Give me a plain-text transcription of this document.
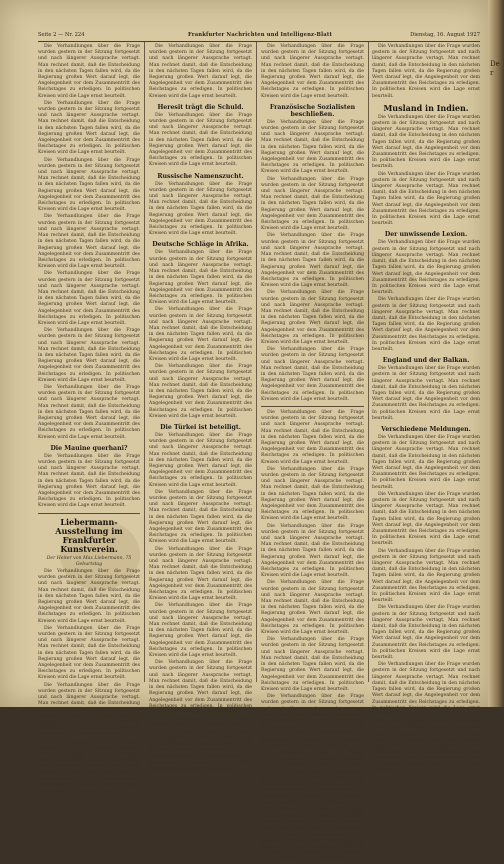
Seite 2 — Nr. 224	Frankfurter Nachrichten und Intelligenz-Blatt	Dienstag, 16. August 1927

Die Verhandlungen über die Frage wurden gestern in der Sitzung fortgesetzt und nach längerer Aussprache vertagt. Man rechnet damit, daß die Entscheidung in den nächsten Tagen fallen wird, da die Regierung großen Wert darauf legt, die Angelegenheit vor dem Zusammentritt des Reichstages zu erledigen. In politischen Kreisen wird die Lage ernst beurteilt.

Die Verhandlungen über die Frage wurden gestern in der Sitzung fortgesetzt und nach längerer Aussprache vertagt. Man rechnet damit, daß die Entscheidung in den nächsten Tagen fallen wird, da die Regierung großen Wert darauf legt, die Angelegenheit vor dem Zusammentritt des Reichstages zu erledigen. In politischen Kreisen wird die Lage ernst beurteilt.

Die Verhandlungen über die Frage wurden gestern in der Sitzung fortgesetzt und nach längerer Aussprache vertagt. Man rechnet damit, daß die Entscheidung in den nächsten Tagen fallen wird, da die Regierung großen Wert darauf legt, die Angelegenheit vor dem Zusammentritt des Reichstages zu erledigen. In politischen Kreisen wird die Lage ernst beurteilt.

Die Verhandlungen über die Frage wurden gestern in der Sitzung fortgesetzt und nach längerer Aussprache vertagt. Man rechnet damit, daß die Entscheidung in den nächsten Tagen fallen wird, da die Regierung großen Wert darauf legt, die Angelegenheit vor dem Zusammentritt des Reichstages zu erledigen. In politischen Kreisen wird die Lage ernst beurteilt.

Die Verhandlungen über die Frage wurden gestern in der Sitzung fortgesetzt und nach längerer Aussprache vertagt. Man rechnet damit, daß die Entscheidung in den nächsten Tagen fallen wird, da die Regierung großen Wert darauf legt, die Angelegenheit vor dem Zusammentritt des Reichstages zu erledigen. In politischen Kreisen wird die Lage ernst beurteilt.

Die Verhandlungen über die Frage wurden gestern in der Sitzung fortgesetzt und nach längerer Aussprache vertagt. Man rechnet damit, daß die Entscheidung in den nächsten Tagen fallen wird, da die Regierung großen Wert darauf legt, die Angelegenheit vor dem Zusammentritt des Reichstages zu erledigen. In politischen Kreisen wird die Lage ernst beurteilt.

Die Verhandlungen über die Frage wurden gestern in der Sitzung fortgesetzt und nach längerer Aussprache vertagt. Man rechnet damit, daß die Entscheidung in den nächsten Tagen fallen wird, da die Regierung großen Wert darauf legt, die Angelegenheit vor dem Zusammentritt des Reichstages zu erledigen. In politischen Kreisen wird die Lage ernst beurteilt.

Die Mauine querhani?

Die Verhandlungen über die Frage wurden gestern in der Sitzung fortgesetzt und nach längerer Aussprache vertagt. Man rechnet damit, daß die Entscheidung in den nächsten Tagen fallen wird, da die Regierung großen Wert darauf legt, die Angelegenheit vor dem Zusammentritt des Reichstages zu erledigen. In politischen Kreisen wird die Lage ernst beurteilt.

Liebermann-Ausstellung im Frankfurter Kunstverein.

Der Heiter von Max Liebermann, 75 Geburtstag

Die Verhandlungen über die Frage wurden gestern in der Sitzung fortgesetzt und nach längerer Aussprache vertagt. Man rechnet damit, daß die Entscheidung in den nächsten Tagen fallen wird, da die Regierung großen Wert darauf legt, die Angelegenheit vor dem Zusammentritt des Reichstages zu erledigen. In politischen Kreisen wird die Lage ernst beurteilt.

Die Verhandlungen über die Frage wurden gestern in der Sitzung fortgesetzt und nach längerer Aussprache vertagt. Man rechnet damit, daß die Entscheidung in den nächsten Tagen fallen wird, da die Regierung großen Wert darauf legt, die Angelegenheit vor dem Zusammentritt des Reichstages zu erledigen. In politischen Kreisen wird die Lage ernst beurteilt.

Die Verhandlungen über die Frage wurden gestern in der Sitzung fortgesetzt und nach längerer Aussprache vertagt. Man rechnet damit, daß die Entscheidung in den nächsten Tagen fallen wird, da die Regierung großen Wert darauf legt, die Angelegenheit vor dem Zusammentritt des Reichstages zu erledigen. In politischen Kreisen wird die Lage ernst beurteilt.

Die Verhandlungen über die Frage wurden gestern in der Sitzung fortgesetzt und nach längerer Aussprache vertagt. Man rechnet damit, daß die Entscheidung in den nächsten Tagen fallen wird, da die Regierung großen Wert darauf legt, die Angelegenheit vor dem Zusammentritt des Reichstages zu erledigen. In politischen Kreisen wird die Lage ernst beurteilt.

Die Verhandlungen über die Frage wurden gestern in der Sitzung fortgesetzt und nach längerer Aussprache vertagt. Man rechnet damit, daß die Entscheidung in den nächsten Tagen fallen wird, da die Regierung großen Wert darauf legt, die Angelegenheit vor dem Zusammentritt des Reichstages zu erledigen. In politischen Kreisen wird die Lage ernst beurteilt.

Heresit trägt die Schuld.

Die Verhandlungen über die Frage wurden gestern in der Sitzung fortgesetzt und nach längerer Aussprache vertagt. Man rechnet damit, daß die Entscheidung in den nächsten Tagen fallen wird, da die Regierung großen Wert darauf legt, die Angelegenheit vor dem Zusammentritt des Reichstages zu erledigen. In politischen Kreisen wird die Lage ernst beurteilt.

Russische Namenszucht.

Die Verhandlungen über die Frage wurden gestern in der Sitzung fortgesetzt und nach längerer Aussprache vertagt. Man rechnet damit, daß die Entscheidung in den nächsten Tagen fallen wird, da die Regierung großen Wert darauf legt, die Angelegenheit vor dem Zusammentritt des Reichstages zu erledigen. In politischen Kreisen wird die Lage ernst beurteilt.

Deutsche Schläge in Afrika.

Die Verhandlungen über die Frage wurden gestern in der Sitzung fortgesetzt und nach längerer Aussprache vertagt. Man rechnet damit, daß die Entscheidung in den nächsten Tagen fallen wird, da die Regierung großen Wert darauf legt, die Angelegenheit vor dem Zusammentritt des Reichstages zu erledigen. In politischen Kreisen wird die Lage ernst beurteilt.

Die Verhandlungen über die Frage wurden gestern in der Sitzung fortgesetzt und nach längerer Aussprache vertagt. Man rechnet damit, daß die Entscheidung in den nächsten Tagen fallen wird, da die Regierung großen Wert darauf legt, die Angelegenheit vor dem Zusammentritt des Reichstages zu erledigen. In politischen Kreisen wird die Lage ernst beurteilt.

Die Verhandlungen über die Frage wurden gestern in der Sitzung fortgesetzt und nach längerer Aussprache vertagt. Man rechnet damit, daß die Entscheidung in den nächsten Tagen fallen wird, da die Regierung großen Wert darauf legt, die Angelegenheit vor dem Zusammentritt des Reichstages zu erledigen. In politischen Kreisen wird die Lage ernst beurteilt.

Die Türkei ist beteiligt.

Die Verhandlungen über die Frage wurden gestern in der Sitzung fortgesetzt und nach längerer Aussprache vertagt. Man rechnet damit, daß die Entscheidung in den nächsten Tagen fallen wird, da die Regierung großen Wert darauf legt, die Angelegenheit vor dem Zusammentritt des Reichstages zu erledigen. In politischen Kreisen wird die Lage ernst beurteilt.

Die Verhandlungen über die Frage wurden gestern in der Sitzung fortgesetzt und nach längerer Aussprache vertagt. Man rechnet damit, daß die Entscheidung in den nächsten Tagen fallen wird, da die Regierung großen Wert darauf legt, die Angelegenheit vor dem Zusammentritt des Reichstages zu erledigen. In politischen Kreisen wird die Lage ernst beurteilt.

Die Verhandlungen über die Frage wurden gestern in der Sitzung fortgesetzt und nach längerer Aussprache vertagt. Man rechnet damit, daß die Entscheidung in den nächsten Tagen fallen wird, da die Regierung großen Wert darauf legt, die Angelegenheit vor dem Zusammentritt des Reichstages zu erledigen. In politischen Kreisen wird die Lage ernst beurteilt.

Die Verhandlungen über die Frage wurden gestern in der Sitzung fortgesetzt und nach längerer Aussprache vertagt. Man rechnet damit, daß die Entscheidung in den nächsten Tagen fallen wird, da die Regierung großen Wert darauf legt, die Angelegenheit vor dem Zusammentritt des Reichstages zu erledigen. In politischen Kreisen wird die Lage ernst beurteilt.

Die Verhandlungen über die Frage wurden gestern in der Sitzung fortgesetzt und nach längerer Aussprache vertagt. Man rechnet damit, daß die Entscheidung in den nächsten Tagen fallen wird, da die Regierung großen Wert darauf legt, die Angelegenheit vor dem Zusammentritt des Reichstages zu erledigen. In politischen Kreisen wird die Lage ernst beurteilt.

Die Verhandlungen über die Frage wurden gestern in der Sitzung fortgesetzt und nach längerer Aussprache vertagt. Man rechnet damit, daß die Entscheidung in den nächsten Tagen fallen wird, da die Regierung großen Wert darauf legt, die Angelegenheit vor dem Zusammentritt des Reichstages zu erledigen. In politischen Kreisen wird die Lage ernst beurteilt.

Die Verhandlungen über die Frage wurden gestern in der Sitzung fortgesetzt und nach längerer Aussprache vertagt. Man rechnet damit, daß die Entscheidung in den nächsten Tagen fallen wird, da die Regierung großen Wert darauf legt, die Angelegenheit vor dem Zusammentritt des Reichstages zu erledigen. In politischen Kreisen wird die Lage ernst beurteilt.

Französische Sozialisten beschließen.

Die Verhandlungen über die Frage wurden gestern in der Sitzung fortgesetzt und nach längerer Aussprache vertagt. Man rechnet damit, daß die Entscheidung in den nächsten Tagen fallen wird, da die Regierung großen Wert darauf legt, die Angelegenheit vor dem Zusammentritt des Reichstages zu erledigen. In politischen Kreisen wird die Lage ernst beurteilt.

Die Verhandlungen über die Frage wurden gestern in der Sitzung fortgesetzt und nach längerer Aussprache vertagt. Man rechnet damit, daß die Entscheidung in den nächsten Tagen fallen wird, da die Regierung großen Wert darauf legt, die Angelegenheit vor dem Zusammentritt des Reichstages zu erledigen. In politischen Kreisen wird die Lage ernst beurteilt.

Die Verhandlungen über die Frage wurden gestern in der Sitzung fortgesetzt und nach längerer Aussprache vertagt. Man rechnet damit, daß die Entscheidung in den nächsten Tagen fallen wird, da die Regierung großen Wert darauf legt, die Angelegenheit vor dem Zusammentritt des Reichstages zu erledigen. In politischen Kreisen wird die Lage ernst beurteilt.

Die Verhandlungen über die Frage wurden gestern in der Sitzung fortgesetzt und nach längerer Aussprache vertagt. Man rechnet damit, daß die Entscheidung in den nächsten Tagen fallen wird, da die Regierung großen Wert darauf legt, die Angelegenheit vor dem Zusammentritt des Reichstages zu erledigen. In politischen Kreisen wird die Lage ernst beurteilt.

Die Verhandlungen über die Frage wurden gestern in der Sitzung fortgesetzt und nach längerer Aussprache vertagt. Man rechnet damit, daß die Entscheidung in den nächsten Tagen fallen wird, da die Regierung großen Wert darauf legt, die Angelegenheit vor dem Zusammentritt des Reichstages zu erledigen. In politischen Kreisen wird die Lage ernst beurteilt.

Die Verhandlungen über die Frage wurden gestern in der Sitzung fortgesetzt und nach längerer Aussprache vertagt. Man rechnet damit, daß die Entscheidung in den nächsten Tagen fallen wird, da die Regierung großen Wert darauf legt, die Angelegenheit vor dem Zusammentritt des Reichstages zu erledigen. In politischen Kreisen wird die Lage ernst beurteilt.

Die Verhandlungen über die Frage wurden gestern in der Sitzung fortgesetzt und nach längerer Aussprache vertagt. Man rechnet damit, daß die Entscheidung in den nächsten Tagen fallen wird, da die Regierung großen Wert darauf legt, die Angelegenheit vor dem Zusammentritt des Reichstages zu erledigen. In politischen Kreisen wird die Lage ernst beurteilt.

Die Verhandlungen über die Frage wurden gestern in der Sitzung fortgesetzt und nach längerer Aussprache vertagt. Man rechnet damit, daß die Entscheidung in den nächsten Tagen fallen wird, da die Regierung großen Wert darauf legt, die Angelegenheit vor dem Zusammentritt des Reichstages zu erledigen. In politischen Kreisen wird die Lage ernst beurteilt.

Die Verhandlungen über die Frage wurden gestern in der Sitzung fortgesetzt und nach längerer Aussprache vertagt. Man rechnet damit, daß die Entscheidung in den nächsten Tagen fallen wird, da die Regierung großen Wert darauf legt, die Angelegenheit vor dem Zusammentritt des Reichstages zu erledigen. In politischen Kreisen wird die Lage ernst beurteilt.

Die Verhandlungen über die Frage wurden gestern in der Sitzung fortgesetzt und nach längerer Aussprache vertagt. Man rechnet damit, daß die Entscheidung in den nächsten Tagen fallen wird, da die Regierung großen Wert darauf legt, die Angelegenheit vor dem Zusammentritt des Reichstages zu erledigen. In politischen Kreisen wird die Lage ernst beurteilt.

Die Verhandlungen über die Frage wurden gestern in der Sitzung fortgesetzt und nach längerer Aussprache vertagt. Man rechnet damit, daß die Entscheidung in den nächsten Tagen fallen wird, da die Regierung großen Wert darauf legt, die Angelegenheit vor dem Zusammentritt des Reichstages zu erledigen. In politischen Kreisen wird die Lage ernst beurteilt.

Die Verhandlungen über die Frage wurden gestern in der Sitzung fortgesetzt und nach längerer Aussprache vertagt. Man rechnet damit, daß die Entscheidung in den nächsten Tagen fallen wird, da die Regierung großen Wert darauf legt, die Angelegenheit vor dem Zusammentritt des Reichstages zu erledigen. In politischen Kreisen wird die Lage ernst beurteilt.

Die Verhandlungen über die Frage wurden gestern in der Sitzung fortgesetzt und nach längerer Aussprache vertagt. Man rechnet damit, daß die Entscheidung in den nächsten Tagen fallen wird, da die Regierung großen Wert darauf legt, die Angelegenheit vor dem Zusammentritt des Reichstages zu erledigen. In politischen Kreisen wird die Lage ernst beurteilt.

Die Verhandlungen über die Frage wurden gestern in der Sitzung fortgesetzt und nach längerer Aussprache vertagt. Man rechnet damit, daß die Entscheidung in den nächsten Tagen fallen wird, da die Regierung großen Wert darauf legt, die Angelegenheit vor dem Zusammentritt des Reichstages zu erledigen. In politischen Kreisen wird die Lage ernst beurteilt.

Musland in Indien.

Die Verhandlungen über die Frage wurden gestern in der Sitzung fortgesetzt und nach längerer Aussprache vertagt. Man rechnet damit, daß die Entscheidung in den nächsten Tagen fallen wird, da die Regierung großen Wert darauf legt, die Angelegenheit vor dem Zusammentritt des Reichstages zu erledigen. In politischen Kreisen wird die Lage ernst beurteilt.

Die Verhandlungen über die Frage wurden gestern in der Sitzung fortgesetzt und nach längerer Aussprache vertagt. Man rechnet damit, daß die Entscheidung in den nächsten Tagen fallen wird, da die Regierung großen Wert darauf legt, die Angelegenheit vor dem Zusammentritt des Reichstages zu erledigen. In politischen Kreisen wird die Lage ernst beurteilt.

Der unwissende Lexion.

Die Verhandlungen über die Frage wurden gestern in der Sitzung fortgesetzt und nach längerer Aussprache vertagt. Man rechnet damit, daß die Entscheidung in den nächsten Tagen fallen wird, da die Regierung großen Wert darauf legt, die Angelegenheit vor dem Zusammentritt des Reichstages zu erledigen. In politischen Kreisen wird die Lage ernst beurteilt.

Die Verhandlungen über die Frage wurden gestern in der Sitzung fortgesetzt und nach längerer Aussprache vertagt. Man rechnet damit, daß die Entscheidung in den nächsten Tagen fallen wird, da die Regierung großen Wert darauf legt, die Angelegenheit vor dem Zusammentritt des Reichstages zu erledigen. In politischen Kreisen wird die Lage ernst beurteilt.

England und der Balkan.

Die Verhandlungen über die Frage wurden gestern in der Sitzung fortgesetzt und nach längerer Aussprache vertagt. Man rechnet damit, daß die Entscheidung in den nächsten Tagen fallen wird, da die Regierung großen Wert darauf legt, die Angelegenheit vor dem Zusammentritt des Reichstages zu erledigen. In politischen Kreisen wird die Lage ernst beurteilt.

Verschiedene Meldungen.

Die Verhandlungen über die Frage wurden gestern in der Sitzung fortgesetzt und nach längerer Aussprache vertagt. Man rechnet damit, daß die Entscheidung in den nächsten Tagen fallen wird, da die Regierung großen Wert darauf legt, die Angelegenheit vor dem Zusammentritt des Reichstages zu erledigen. In politischen Kreisen wird die Lage ernst beurteilt.

Die Verhandlungen über die Frage wurden gestern in der Sitzung fortgesetzt und nach längerer Aussprache vertagt. Man rechnet damit, daß die Entscheidung in den nächsten Tagen fallen wird, da die Regierung großen Wert darauf legt, die Angelegenheit vor dem Zusammentritt des Reichstages zu erledigen. In politischen Kreisen wird die Lage ernst beurteilt.

Die Verhandlungen über die Frage wurden gestern in der Sitzung fortgesetzt und nach längerer Aussprache vertagt. Man rechnet damit, daß die Entscheidung in den nächsten Tagen fallen wird, da die Regierung großen Wert darauf legt, die Angelegenheit vor dem Zusammentritt des Reichstages zu erledigen. In politischen Kreisen wird die Lage ernst beurteilt.

Die Verhandlungen über die Frage wurden gestern in der Sitzung fortgesetzt und nach längerer Aussprache vertagt. Man rechnet damit, daß die Entscheidung in den nächsten Tagen fallen wird, da die Regierung großen Wert darauf legt, die Angelegenheit vor dem Zusammentritt des Reichstages zu erledigen. In politischen Kreisen wird die Lage ernst beurteilt.

Die Verhandlungen über die Frage wurden gestern in der Sitzung fortgesetzt und nach längerer Aussprache vertagt. Man rechnet damit, daß die Entscheidung in den nächsten Tagen fallen wird, da die Regierung großen Wert darauf legt, die Angelegenheit vor dem Zusammentritt des Reichstages zu erledigen. In politischen Kreisen wird die Lage ernst beurteilt.

Die Verhandlungen über die Frage wurden gestern in der Sitzung fortgesetzt und nach längerer Aussprache vertagt. Man rechnet damit, daß die Entscheidung in den nächsten Tagen fallen wird, da die Regierung großen Wert darauf legt, die Angelegenheit vor dem Zusammentritt des Reichstages zu erledigen. In politischen Kreisen wird die Lage ernst beurteilt.

Der
